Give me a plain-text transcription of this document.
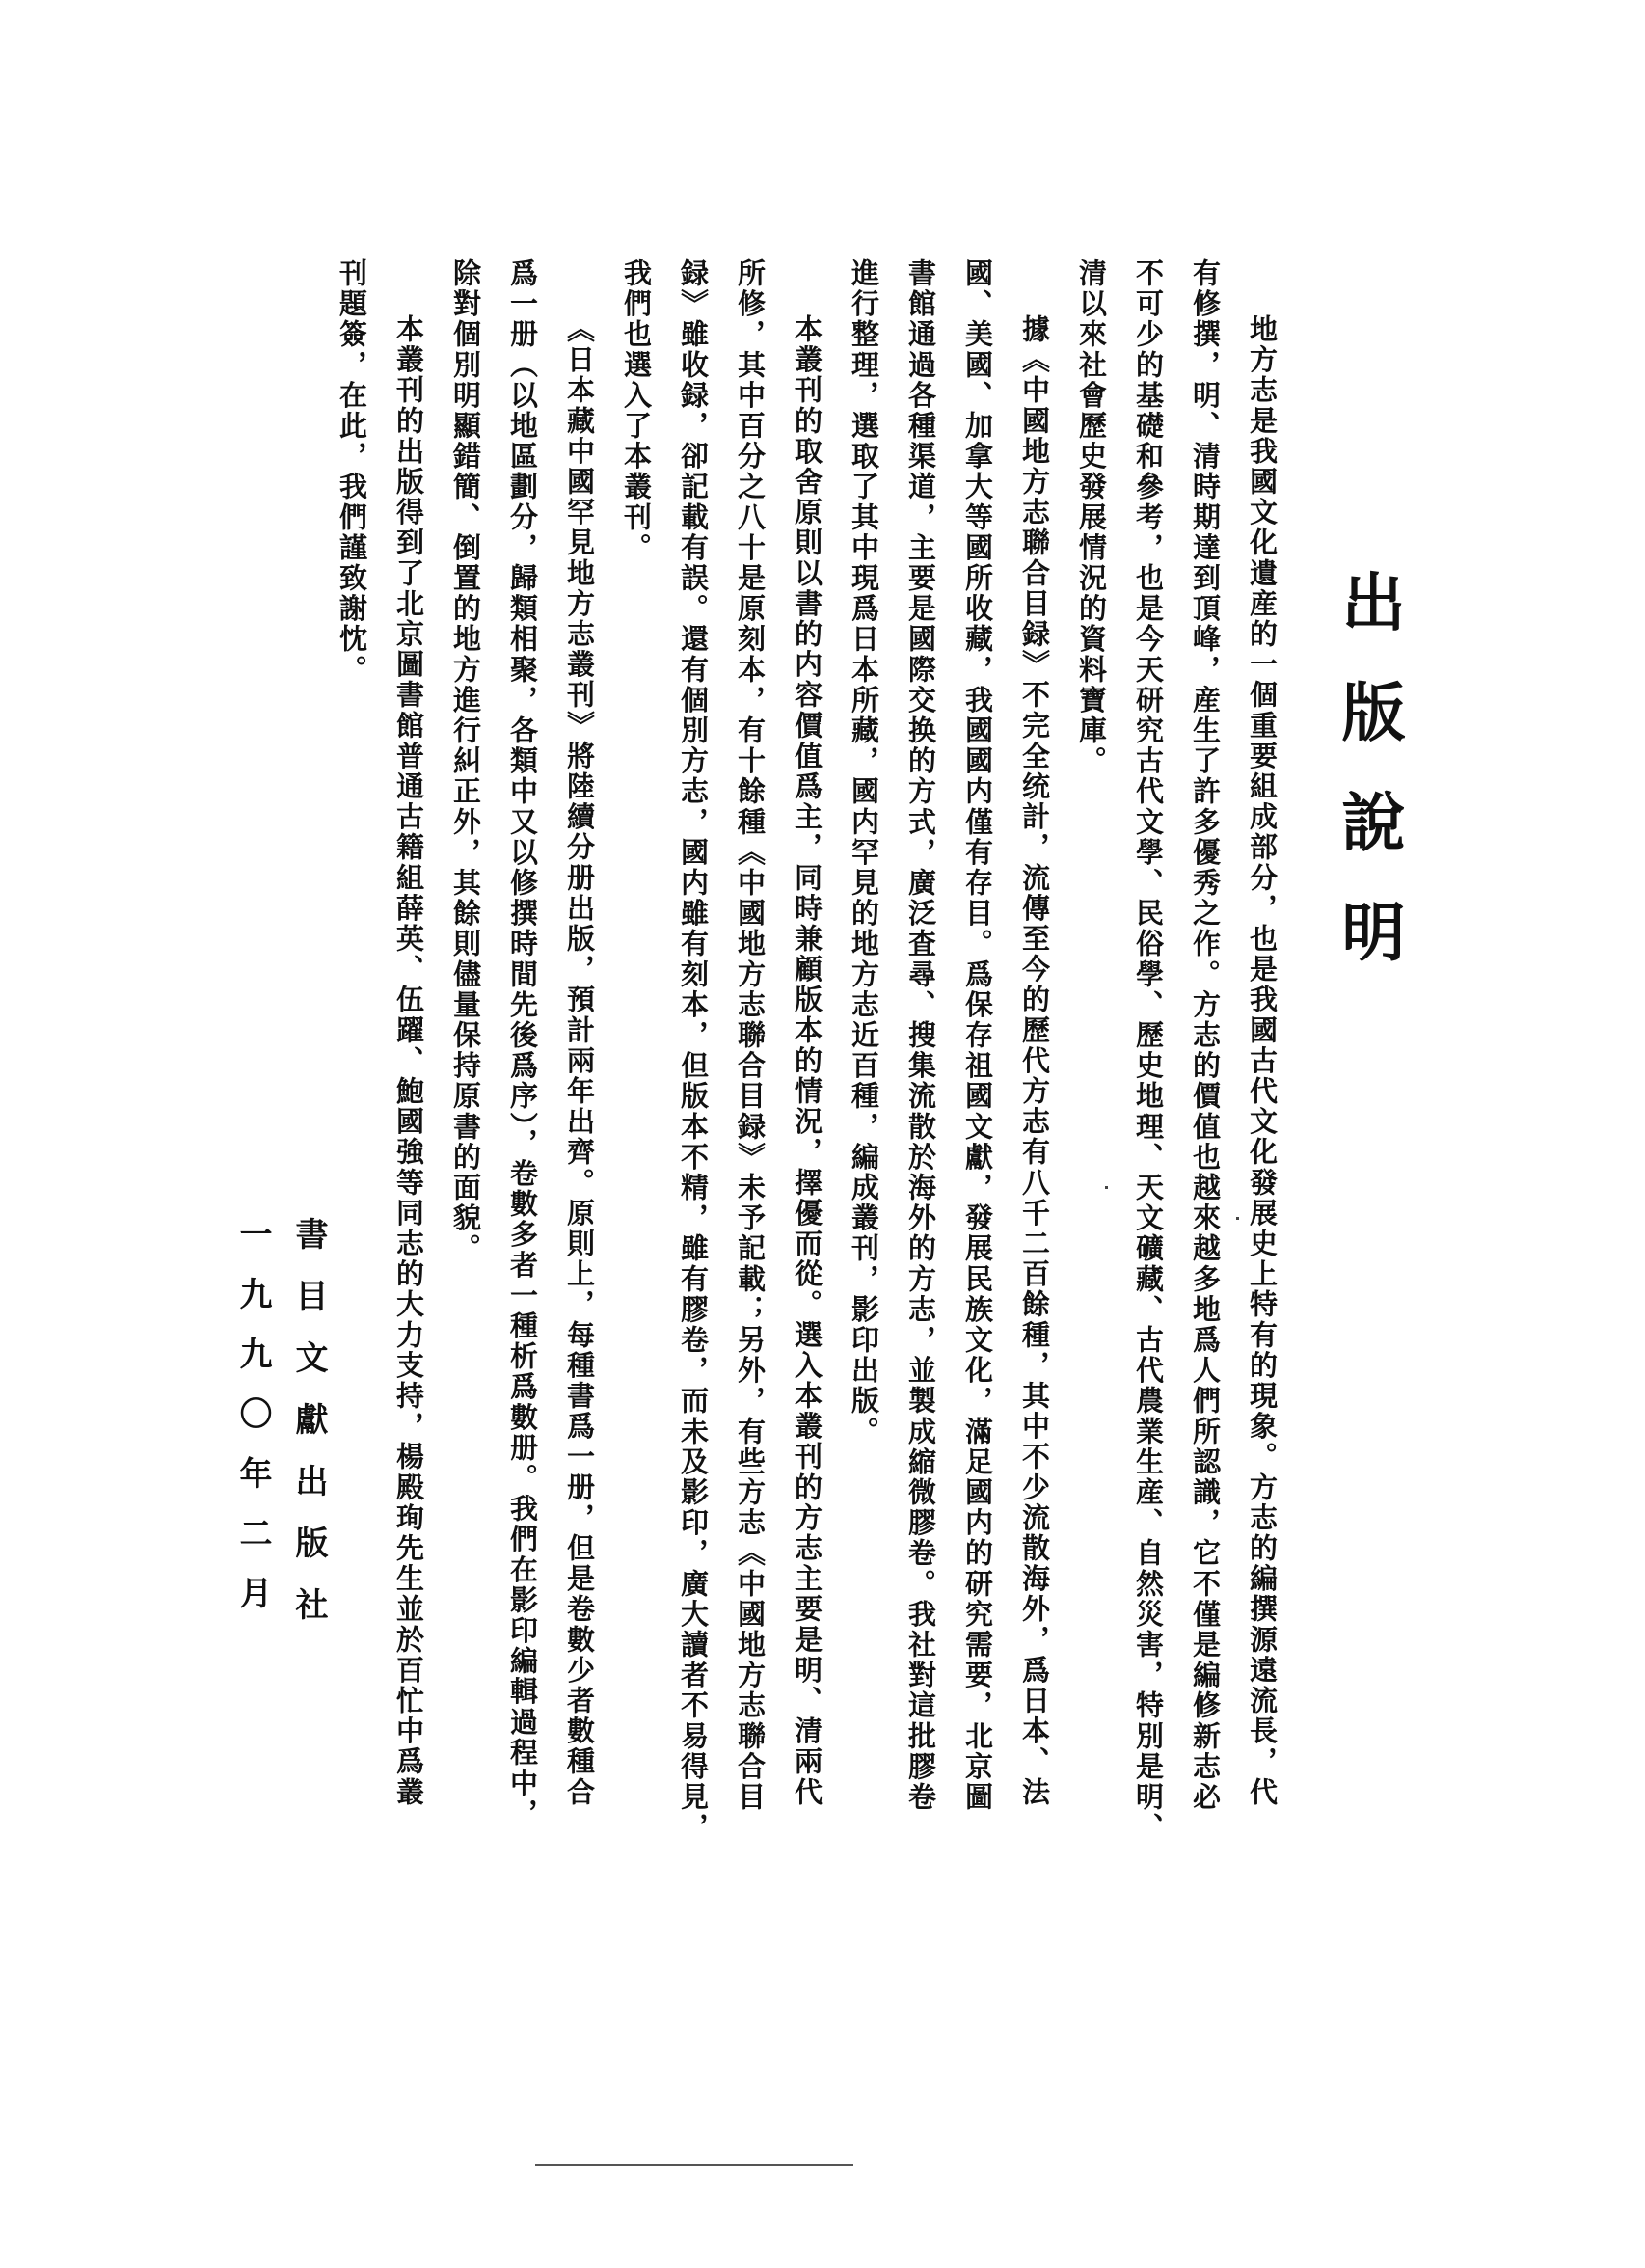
出版說明
地方志是我國文化遺産的一個重要組成部分，也是我國古代文化發展史上特有的現象。方志的編撰源遠流長，代
有修撰，明、清時期達到頂峰，産生了許多優秀之作。方志的價值也越來越多地爲人們所認識，它不僅是編修新志必
不可少的基礎和參考，也是今天研究古代文學、民俗學、歷史地理、天文礦藏、古代農業生産、自然災害，特別是明、
清以來社會歷史發展情況的資料寶庫。
據《中國地方志聯合目録》不完全统計，流傳至今的歷代方志有八千二百餘種，其中不少流散海外，爲日本、法
國、美國、加拿大等國所收藏，我國國内僅有存目。爲保存祖國文獻，發展民族文化，滿足國内的研究需要，北京圖
書館通過各種渠道，主要是國際交换的方式，廣泛査尋、搜集流散於海外的方志，並製成縮微膠卷。我社對這批膠卷
進行整理，選取了其中現爲日本所藏，國内罕見的地方志近百種，編成叢刊，影印出版。
本叢刊的取舍原則以書的内容價值爲主，同時兼顧版本的情況，擇優而從。選入本叢刊的方志主要是明、清兩代
所修，其中百分之八十是原刻本，有十餘種《中國地方志聯合目録》未予記載；另外，有些方志《中國地方志聯合目
録》雖收録，卻記載有誤。還有個別方志，國内雖有刻本，但版本不精，雖有膠卷，而未及影印，廣大讀者不易得見，
我們也選入了本叢刊。
《日本藏中國罕見地方志叢刊》將陸續分册出版，預計兩年出齊。原則上，每種書爲一册，但是卷數少者數種合
爲一册（以地區劃分，歸類相聚，各類中又以修撰時間先後爲序），卷數多者一種析爲數册。我們在影印編輯過程中，
除對個別明顯錯簡、倒置的地方進行糾正外，其餘則儘量保持原書的面貌。
本叢刊的出版得到了北京圖書館普通古籍組薛英、伍躍、鮑國強等同志的大力支持，楊殿珣先生並於百忙中爲叢
刊題簽，在此，我們謹致謝忱。
書目文獻出版社
一九九〇年二月
